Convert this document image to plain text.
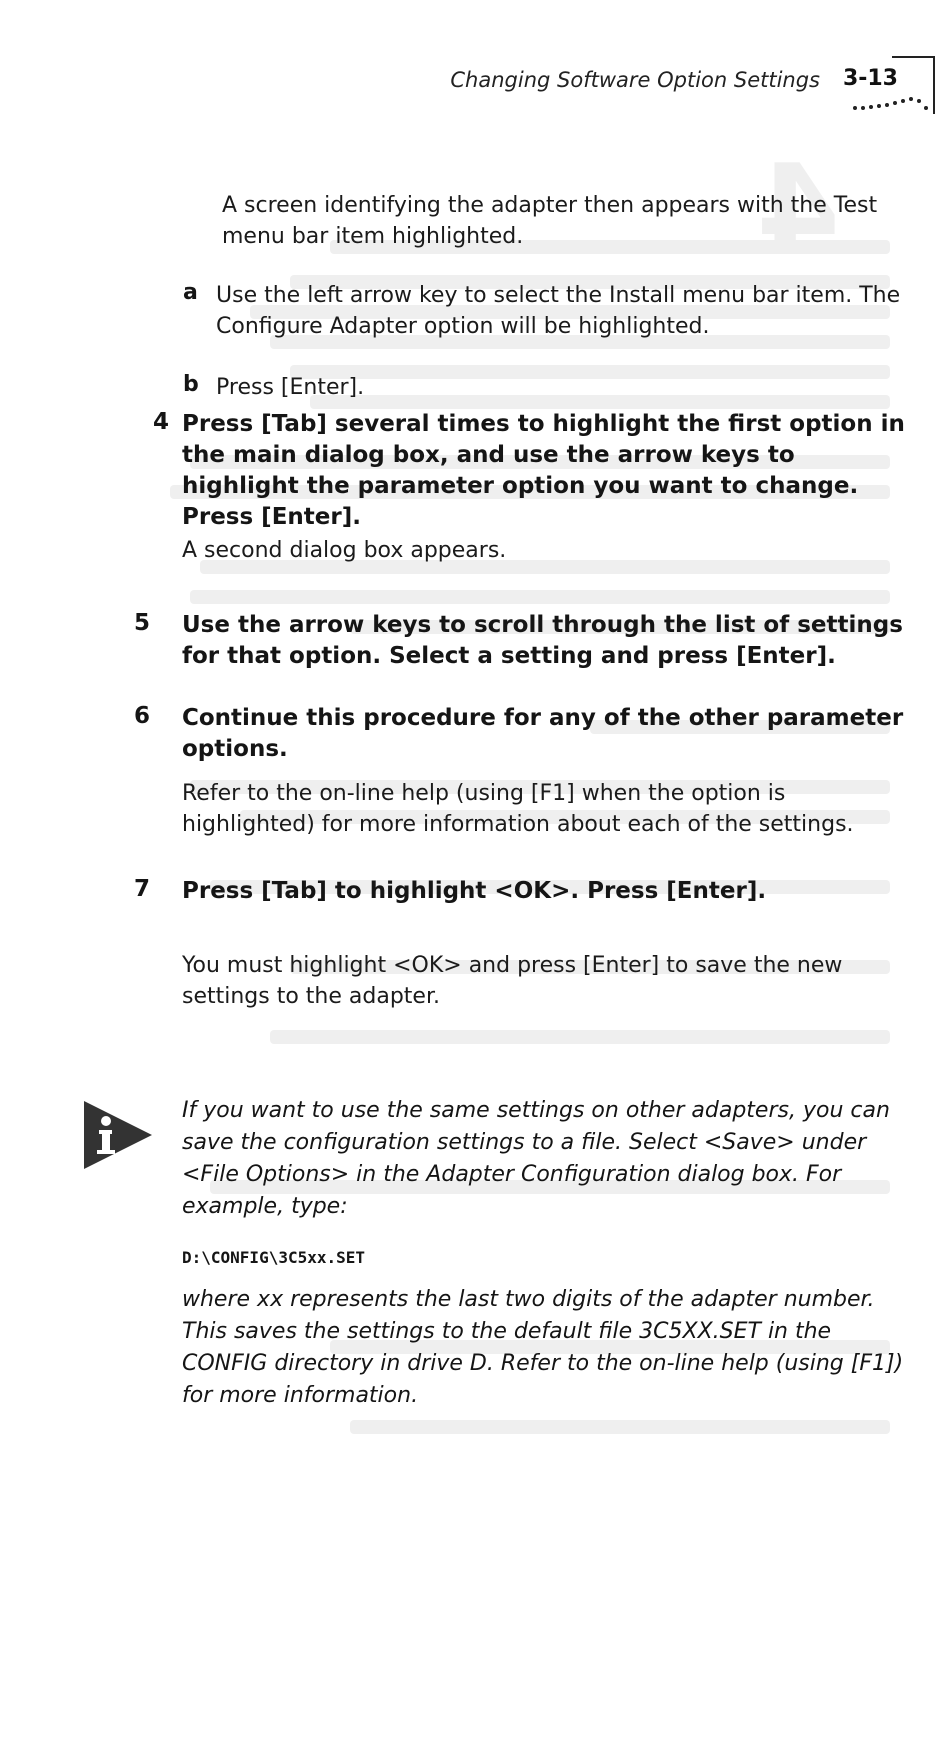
4
Changing Software Option Settings 3-13
A screen identifying the adapter then appears with the Test menu bar item highlighted.
a Use the left arrow key to select the Install menu bar item. The Configure Adapter option will be highlighted.
b Press [Enter].
4 Press [Tab] several times to highlight the first option in the main dialog box, and use the arrow keys to highlight the parameter option you want to change. Press [Enter].
A second dialog box appears.
5 Use the arrow keys to scroll through the list of settings for that option. Select a setting and press [Enter].
6 Continue this procedure for any of the other parameter options.
Refer to the on-line help (using [F1] when the option is highlighted) for more information about each of the settings.
7 Press [Tab] to highlight <OK>. Press [Enter].
You must highlight <OK> and press [Enter] to save the new settings to the adapter.
If you want to use the same settings on other adapters, you can save the configuration settings to a file. Select <Save> under <File Options> in the Adapter Configuration dialog box. For example, type:
D:\CONFIG\3C5xx.SET
where xx represents the last two digits of the adapter number. This saves the settings to the default file 3C5XX.SET in the CONFIG directory in drive D. Refer to the on-line help (using [F1]) for more information.
